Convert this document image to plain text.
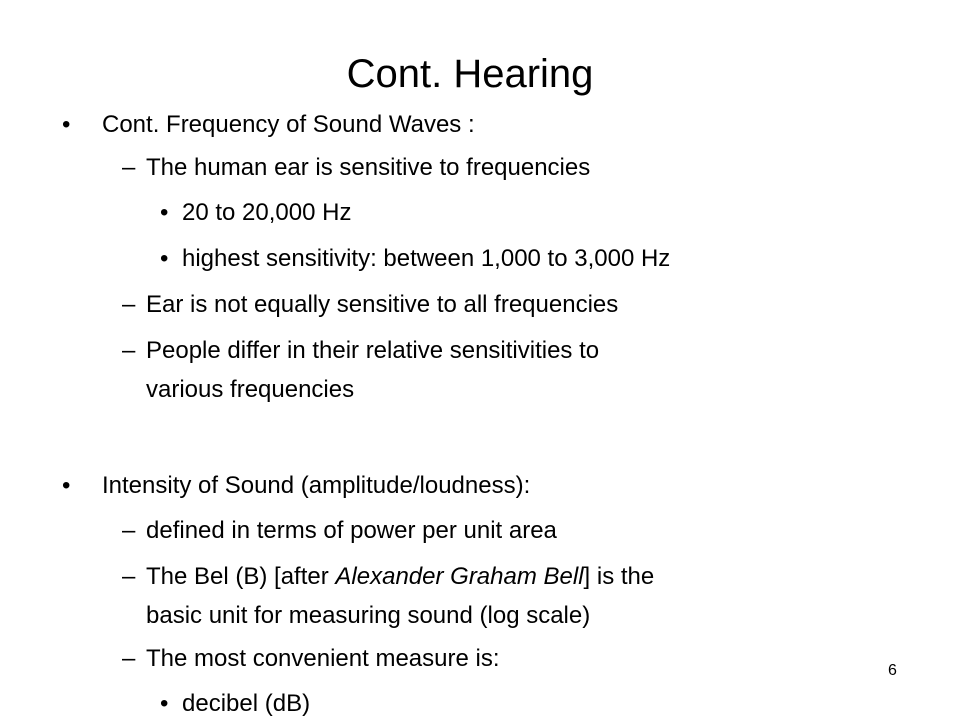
Cont. Hearing
• Cont. Frequency of Sound Waves :
– The human ear is sensitive to frequencies
• 20 to 20,000 Hz
• highest sensitivity: between 1,000 to 3,000 Hz
– Ear is not equally sensitive to all frequencies
– People differ in their relative sensitivities to
various frequencies
• Intensity of Sound (amplitude/loudness):
– defined in terms of power per unit area
– The Bel (B) [after Alexander Graham Bell] is the
basic unit for measuring sound (log scale)
– The most convenient measure is:
• decibel (dB)
6
